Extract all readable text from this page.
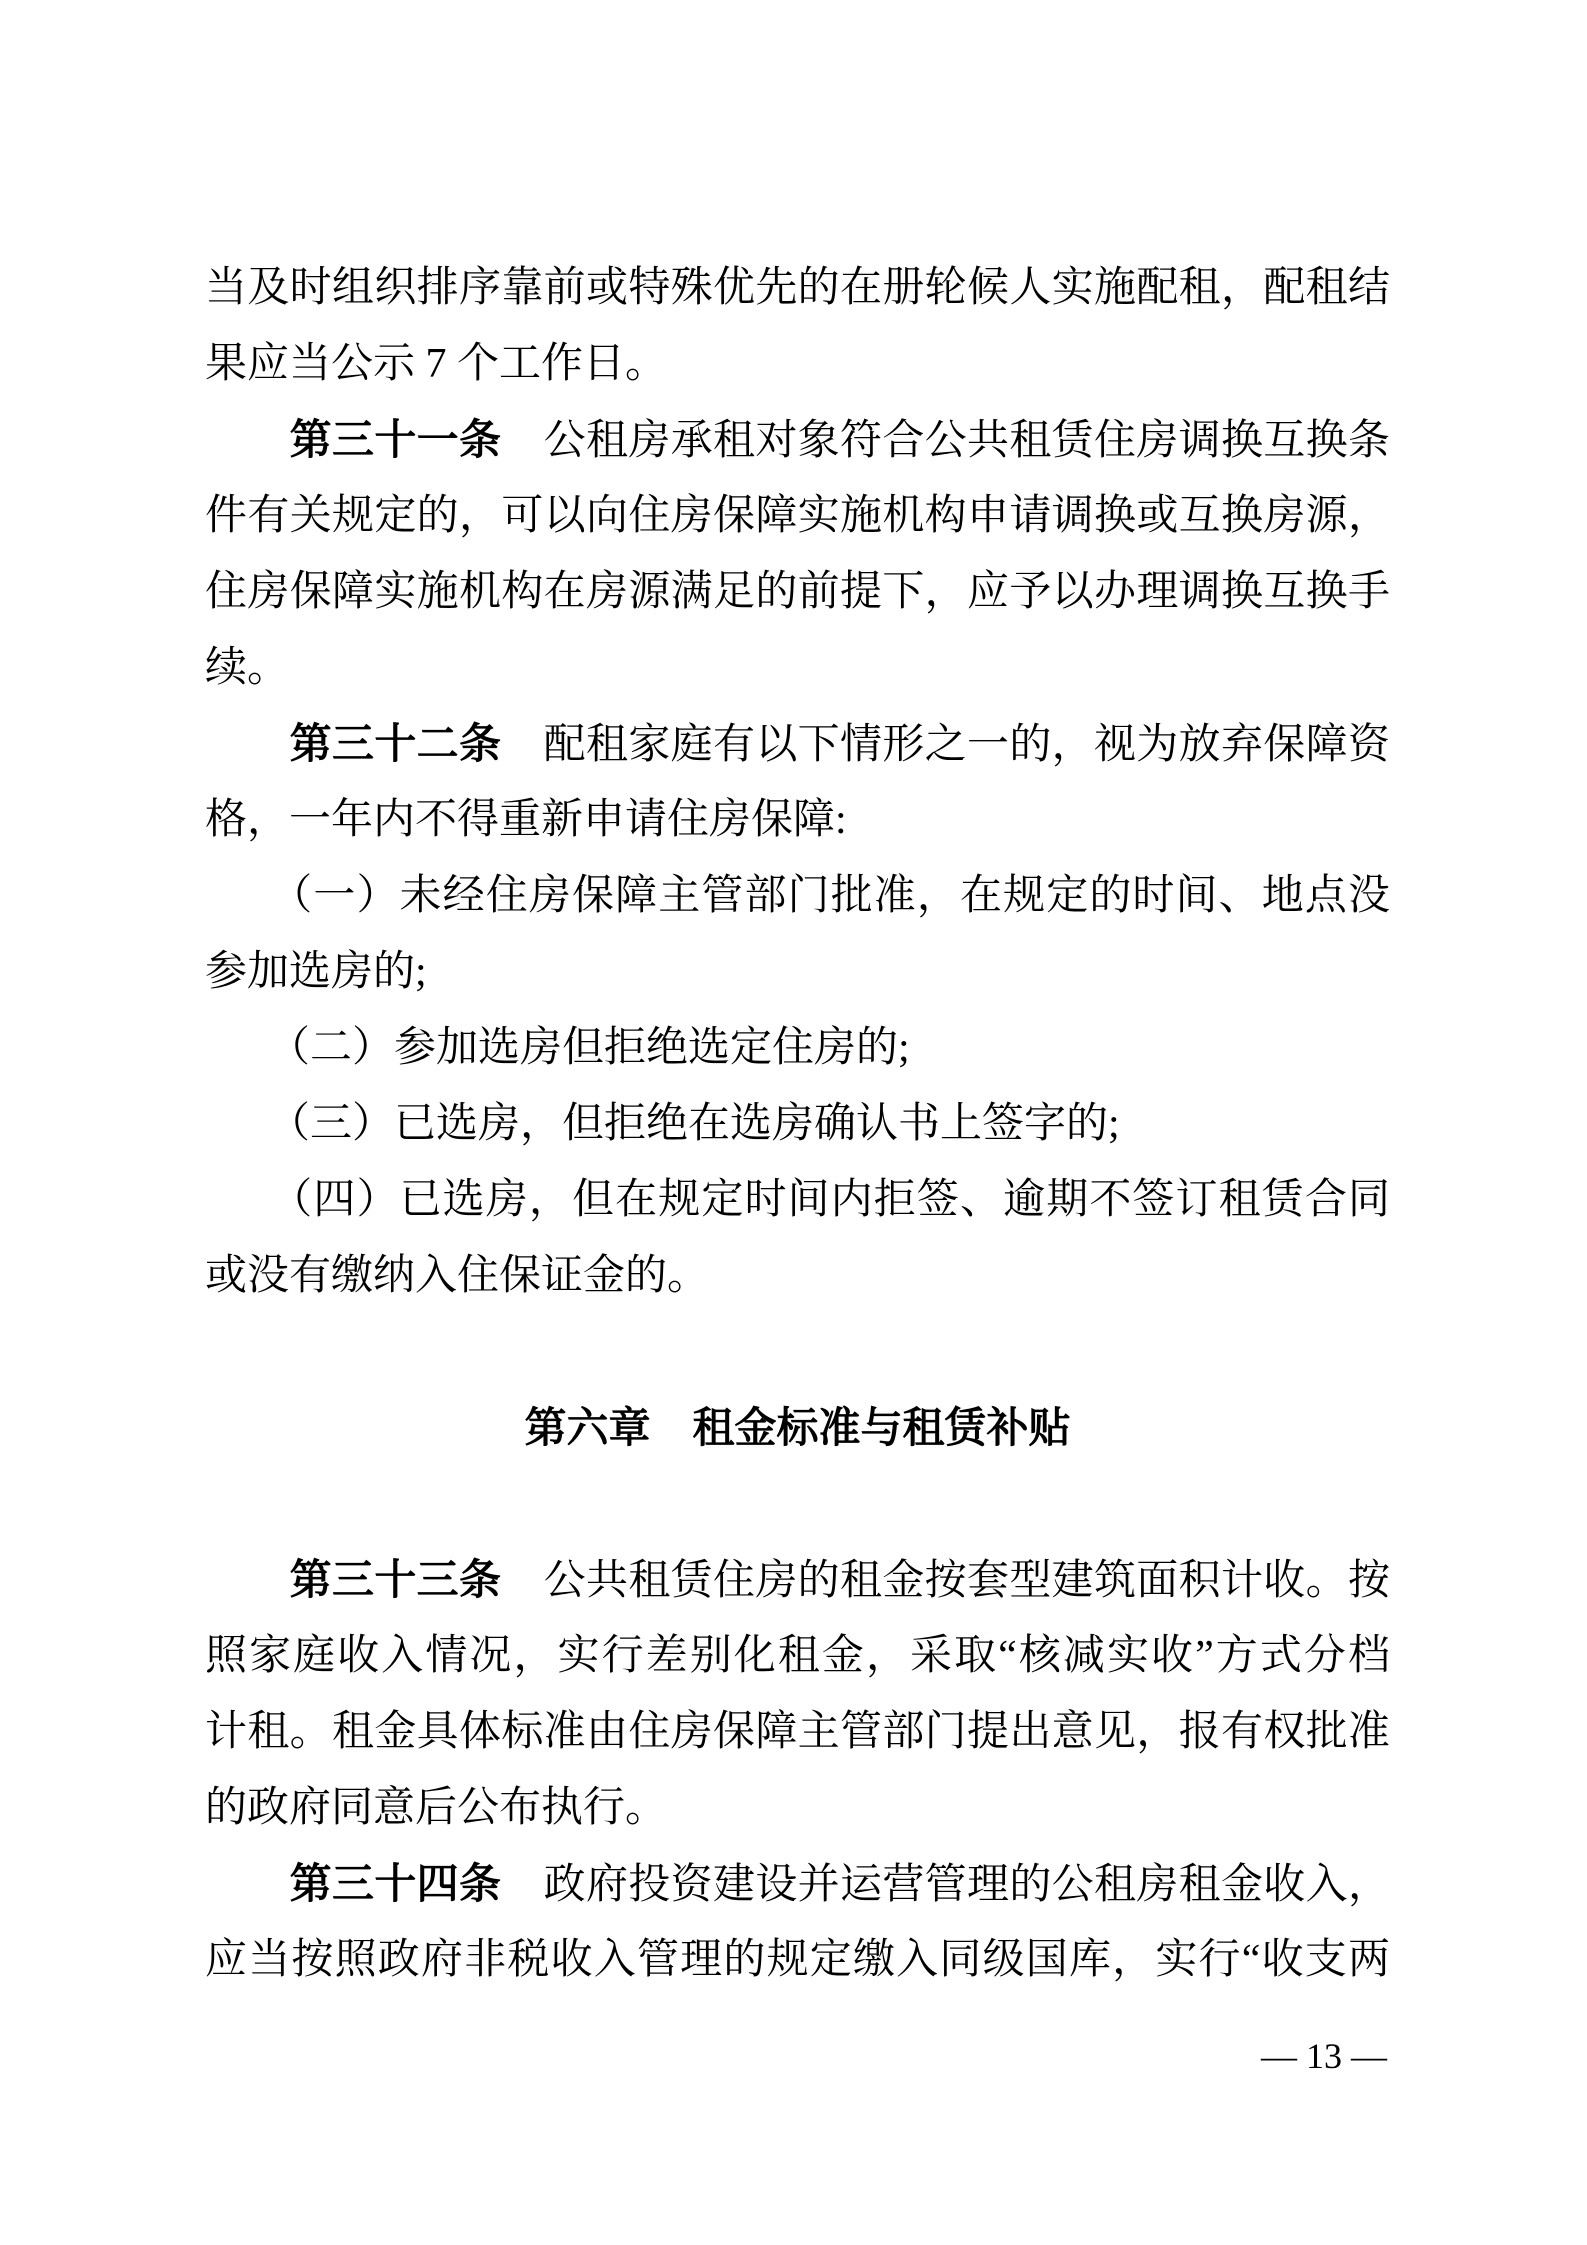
当及时组织排序靠前或特殊优先的在册轮候人实施配租，配租结
果应当公示 7 个工作日。
　　第三十一条　公租房承租对象符合公共租赁住房调换互换条
件有关规定的，可以向住房保障实施机构申请调换或互换房源，
住房保障实施机构在房源满足的前提下，应予以办理调换互换手
续。
　　第三十二条　配租家庭有以下情形之一的，视为放弃保障资
格，一年内不得重新申请住房保障:
　　（一）未经住房保障主管部门批准，在规定的时间、地点没
参加选房的;
　　（二）参加选房但拒绝选定住房的;
　　（三）已选房，但拒绝在选房确认书上签字的;
　　（四）已选房，但在规定时间内拒签、逾期不签订租赁合同
或没有缴纳入住保证金的。
第六章　租金标准与租赁补贴
　　第三十三条　公共租赁住房的租金按套型建筑面积计收。按
照家庭收入情况，实行差别化租金，采取“核减实收”方式分档
计租。租金具体标准由住房保障主管部门提出意见，报有权批准
的政府同意后公布执行。
　　第三十四条　政府投资建设并运营管理的公租房租金收入，
应当按照政府非税收入管理的规定缴入同级国库，实行“收支两
— 13 —
